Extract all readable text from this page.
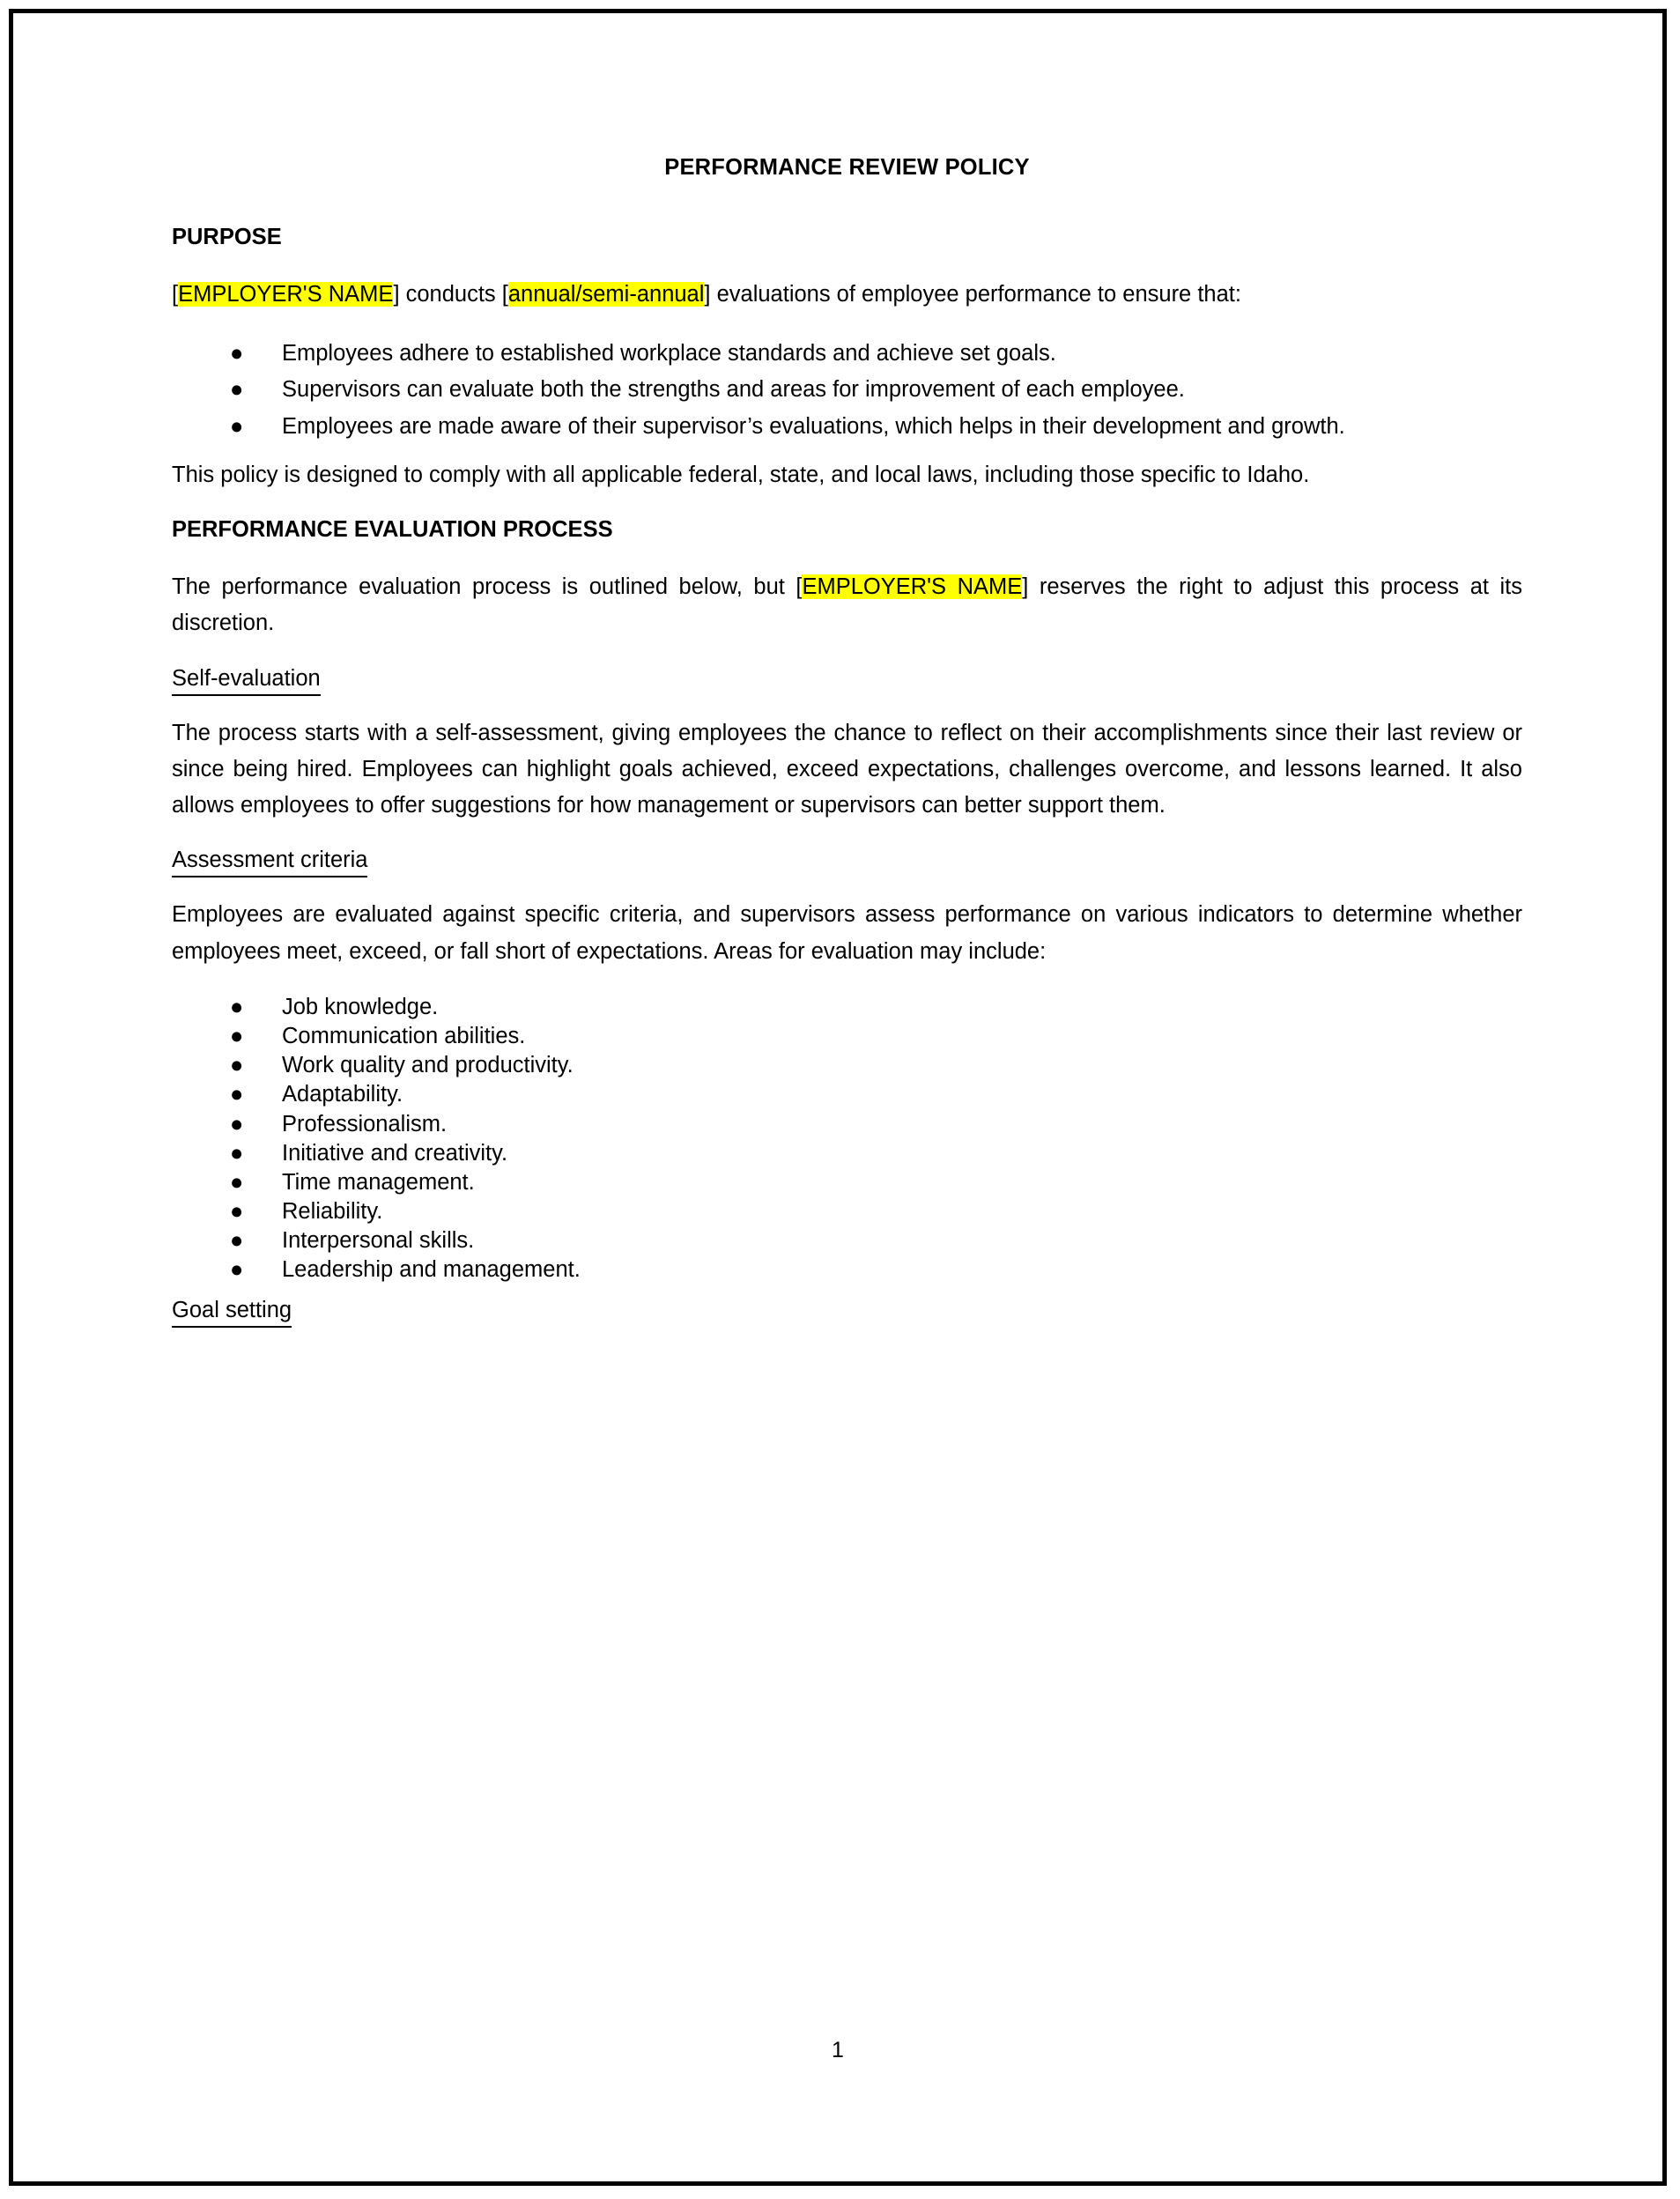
PERFORMANCE REVIEW POLICY
PURPOSE

[EMPLOYER'S NAME] conducts [annual/semi-annual] evaluations of employee performance to ensure that:

● Employees adhere to established workplace standards and achieve set goals.
● Supervisors can evaluate both the strengths and areas for improvement of each employee.
● Employees are made aware of their supervisor’s evaluations, which helps in their development and growth.

This policy is designed to comply with all applicable federal, state, and local laws, including those specific to Idaho.

PERFORMANCE EVALUATION PROCESS

The performance evaluation process is outlined below, but [EMPLOYER'S NAME] reserves the right to adjust this process at its discretion.

Self-evaluation

The process starts with a self-assessment, giving employees the chance to reflect on their accomplishments since their last review or since being hired. Employees can highlight goals achieved, exceed expectations, challenges overcome, and lessons learned. It also allows employees to offer suggestions for how management or supervisors can better support them.

Assessment criteria

Employees are evaluated against specific criteria, and supervisors assess performance on various indicators to determine whether employees meet, exceed, or fall short of expectations. Areas for evaluation may include:

● Job knowledge.
● Communication abilities.
● Work quality and productivity.
● Adaptability.
● Professionalism.
● Initiative and creativity.
● Time management.
● Reliability.
● Interpersonal skills.
● Leadership and management.
Goal setting
1
